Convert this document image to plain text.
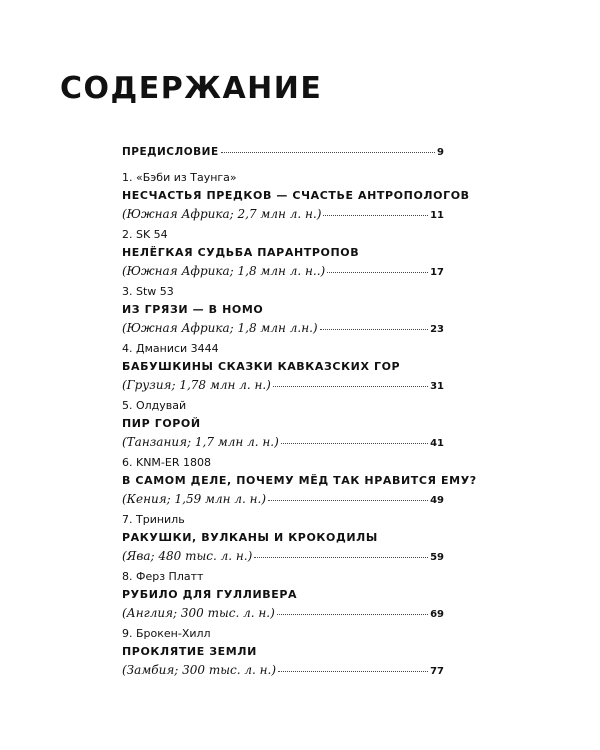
СОДЕРЖАНИЕ
ПРЕДИСЛОВИЕ	9
1. «Бэби из Таунга»
НЕСЧАСТЬЯ ПРЕДКОВ — СЧАСТЬЕ АНТРОПОЛОГОВ
(Южная Африка; 2,7 млн л. н.)	11
2. SK 54
НЕЛЁГКАЯ СУДЬБА ПАРАНТРОПОВ
(Южная Африка; 1,8 млн л. н..)	17
3. Stw 53
ИЗ ГРЯЗИ — В HOMO
(Южная Африка; 1,8 млн л.н.)	23
4. Дманиси 3444
БАБУШКИНЫ СКАЗКИ КАВКАЗСКИХ ГОР
(Грузия; 1,78 млн л. н.)	31
5. Олдувай
ПИР ГОРОЙ
(Танзания; 1,7 млн л. н.)	41
6. KNM-ER 1808
В САМОМ ДЕЛЕ, ПОЧЕМУ МЁД ТАК НРАВИТСЯ ЕМУ?
(Кения; 1,59 млн л. н.)	49
7. Триниль
РАКУШКИ, ВУЛКАНЫ И КРОКОДИЛЫ
(Ява; 480 тыс. л. н.)	59
8. Ферз Платт
РУБИЛО ДЛЯ ГУЛЛИВЕРА
(Англия; 300 тыс. л. н.)	69
9. Брокен-Хилл
ПРОКЛЯТИЕ ЗЕМЛИ
(Замбия; 300 тыс. л. н.)	77
